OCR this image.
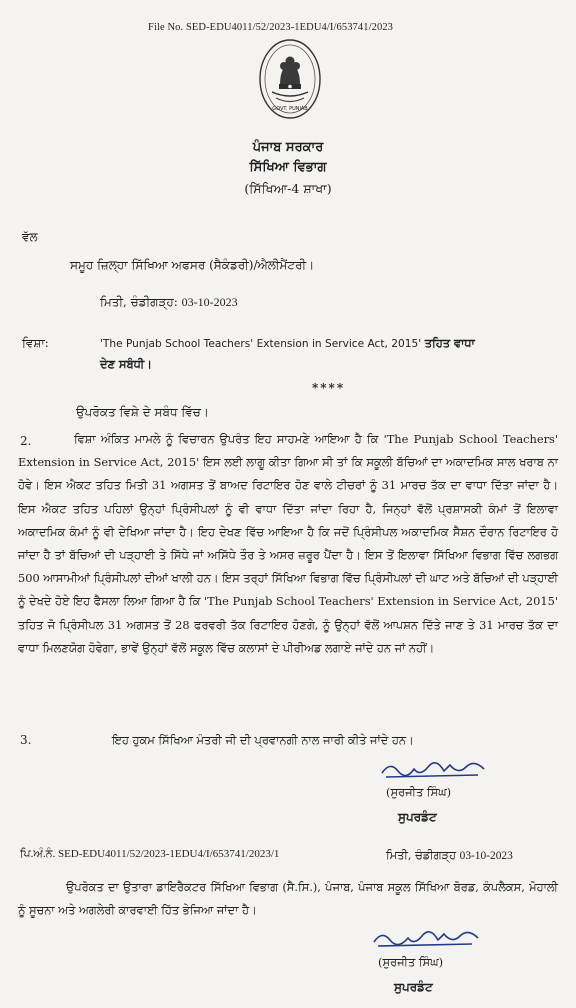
File No. SED-EDU4011/52/2023-1EDU4/I/653741/2023
GOVT. PUNJAB
ਪੰਜਾਬ ਸਰਕਾਰ
ਸਿੱਖਿਆ ਵਿਭਾਗ
(ਸਿੱਖਿਆ-4 ਸ਼ਾਖਾ)
ਵੱਲ
ਸਮੂਹ ਜ਼ਿਲ੍ਹਾ ਸਿੱਖਿਆ ਅਫਸਰ (ਸੈਕੰਡਰੀ)/ਐਲੀਮੈਂਟਰੀ।
ਮਿਤੀ, ਚੰਡੀਗੜ੍ਹ: 03-10-2023
ਵਿਸ਼ਾ:	'The Punjab School Teachers' Extension in Service Act, 2015' ਤਹਿਤ ਵਾਧਾ
ਦੇਣ ਸਬੰਧੀ।
****
ਉਪਰੋਕਤ ਵਿਸ਼ੇ ਦੇ ਸਬੰਧ ਵਿੱਚ।
2.	ਵਿਸ਼ਾ ਅੰਕਿਤ ਮਾਮਲੇ ਨੂੰ ਵਿਚਾਰਨ ਉਪਰੰਤ ਇਹ ਸਾਹਮਣੇ ਆਇਆ ਹੈ ਕਿ 'The Punjab School Teachers' Extension in Service Act, 2015' ਇਸ ਲਈ ਲਾਗੂ ਕੀਤਾ ਗਿਆ ਸੀ ਤਾਂ ਕਿ ਸਕੂਲੀ ਬੱਚਿਆਂ ਦਾ ਅਕਾਦਮਿਕ ਸਾਲ ਖਰਾਬ ਨਾ ਹੋਵੇ। ਇਸ ਐਕਟ ਤਹਿਤ ਮਿਤੀ 31 ਅਗਸਤ ਤੋਂ ਬਾਅਦ ਰਿਟਾਇਰ ਹੋਣ ਵਾਲੇ ਟੀਚਰਾਂ ਨੂੰ 31 ਮਾਰਚ ਤੱਕ ਦਾ ਵਾਧਾ ਦਿੱਤਾ ਜਾਂਦਾ ਹੈ। ਇਸ ਐਕਟ ਤਹਿਤ ਪਹਿਲਾਂ ਉਨ੍ਹਾਂ ਪ੍ਰਿੰਸੀਪਲਾਂ ਨੂੰ ਵੀ ਵਾਧਾ ਦਿੱਤਾ ਜਾਂਦਾ ਰਿਹਾ ਹੈ, ਜਿਨ੍ਹਾਂ ਵੱਲੋਂ ਪ੍ਰਸ਼ਾਸਕੀ ਕੰਮਾਂ ਤੋਂ ਇਲਾਵਾ ਅਕਾਦਮਿਕ ਕੰਮਾਂ ਨੂੰ ਵੀ ਦੇਖਿਆ ਜਾਂਦਾ ਹੈ। ਇਹ ਦੇਖਣ ਵਿੱਚ ਆਇਆ ਹੈ ਕਿ ਜਦੋਂ ਪ੍ਰਿੰਸੀਪਲ ਅਕਾਦਮਿਕ ਸੈਸ਼ਨ ਦੌਰਾਨ ਰਿਟਾਇਰ ਹੋ ਜਾਂਦਾ ਹੈ ਤਾਂ ਬੱਚਿਆਂ ਦੀ ਪੜ੍ਹਾਈ ਤੇ ਸਿੱਧੇ ਜਾਂ ਅਸਿੱਧੇ ਤੌਰ ਤੇ ਅਸਰ ਜ਼ਰੂਰ ਪੈਂਦਾ ਹੈ। ਇਸ ਤੋਂ ਇਲਾਵਾ ਸਿੱਖਿਆ ਵਿਭਾਗ ਵਿੱਚ ਲਗਭਗ 500 ਆਸਾਮੀਆਂ ਪ੍ਰਿੰਸੀਪਲਾਂ ਦੀਆਂ ਖਾਲੀ ਹਨ। ਇਸ ਤਰ੍ਹਾਂ ਸਿੱਖਿਆ ਵਿਭਾਗ ਵਿੱਚ ਪ੍ਰਿੰਸੀਪਲਾਂ ਦੀ ਘਾਟ ਅਤੇ ਬੱਚਿਆਂ ਦੀ ਪੜ੍ਹਾਈ ਨੂੰ ਦੇਖਦੇ ਹੋਏ ਇਹ ਫੈਸਲਾ ਲਿਆ ਗਿਆ ਹੈ ਕਿ 'The Punjab School Teachers' Extension in Service Act, 2015' ਤਹਿਤ ਜੋ ਪ੍ਰਿੰਸੀਪਲ 31 ਅਗਸਤ ਤੋਂ 28 ਫਰਵਰੀ ਤੱਕ ਰਿਟਾਇਰ ਹੋਣਗੇ, ਨੂੰ ਉਨ੍ਹਾਂ ਵੱਲੋਂ ਆਪਸ਼ਨ ਦਿੱਤੇ ਜਾਣ ਤੇ 31 ਮਾਰਚ ਤੱਕ ਦਾ ਵਾਧਾ ਮਿਲਣਯੋਗ ਹੋਵੇਗਾ, ਭਾਵੇਂ ਉਨ੍ਹਾਂ ਵੱਲੋਂ ਸਕੂਲ ਵਿੱਚ ਕਲਾਸਾਂ ਦੇ ਪੀਰੀਅਡ ਲਗਾਏ ਜਾਂਦੇ ਹਨ ਜਾਂ ਨਹੀਂ।
3.	ਇਹ ਹੁਕਮ ਸਿੱਖਿਆ ਮੰਤਰੀ ਜੀ ਦੀ ਪ੍ਰਵਾਨਗੀ ਨਾਲ ਜਾਰੀ ਕੀਤੇ ਜਾਂਦੇ ਹਨ।
(ਸੁਰਜੀਤ ਸਿੰਘ)
ਸੁਪਰਡੰਟ
ਪਿ.ਅੰ.ਨੰ. SED-EDU4011/52/2023-1EDU4/I/653741/2023/1	ਮਿਤੀ, ਚੰਡੀਗੜ੍ਹ 03-10-2023
ਉਪਰੋਕਤ ਦਾ ਉਤਾਰਾ ਡਾਇਰੈਕਟਰ ਸਿੱਖਿਆ ਵਿਭਾਗ (ਸੈ.ਸਿ.), ਪੰਜਾਬ, ਪੰਜਾਬ ਸਕੂਲ ਸਿੱਖਿਆ ਬੋਰਡ, ਕੰਪਲੈਕਸ, ਮੋਹਾਲੀ ਨੂੰ ਸੂਚਨਾ ਅਤੇ ਅਗਲੇਰੀ ਕਾਰਵਾਈ ਹਿੱਤ ਭੇਜਿਆ ਜਾਂਦਾ ਹੈ।
(ਸੁਰਜੀਤ ਸਿੰਘ)
ਸੁਪਰਡੰਟ
